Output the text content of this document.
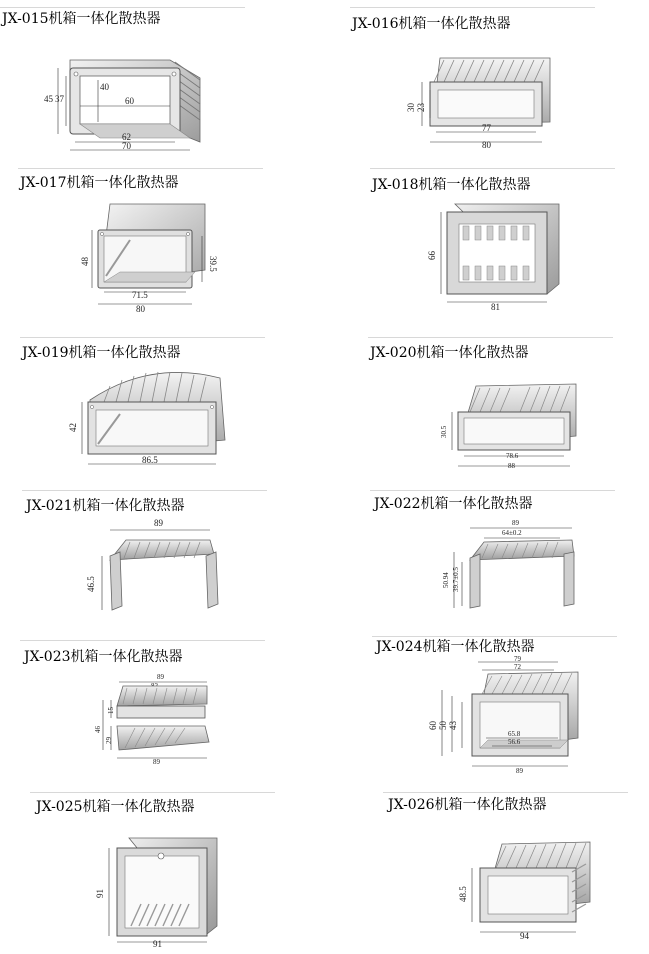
JX-015机箱一体化散热器
45 37
40
60
62
70
JX-016机箱一体化散热器
30 23
77
80
JX-017机箱一体化散热器
48	39.5
71.5
80
JX-018机箱一体化散热器
66
81
JX-019机箱一体化散热器
42
86.5
JX-020机箱一体化散热器
30.5
78.6
88
JX-021机箱一体化散热器
89
46.5
JX-022机箱一体化散热器
89
64±0.2
50.94 39.7±0.5
JX-023机箱一体化散热器
89
15
46
29
89
JX-024机箱一体化散热器
79
72
60 50 43
65.8
56.6
89
JX-025机箱一体化散热器
91
91
JX-026机箱一体化散热器
48.5
94
